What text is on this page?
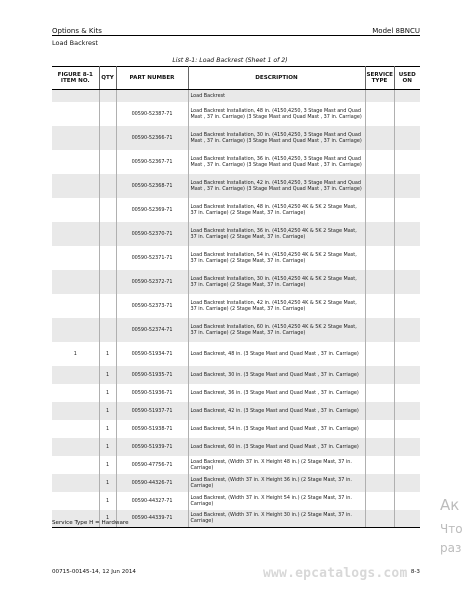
Options & Kits	Model 8BNCU
Load Backrest
List 8-1: Load Backrest (Sheet 1 of 2)
FIGURE 8-1 ITEM NO.	QTY	PART NUMBER	DESCRIPTION	SERVICE TYPE	USED ON
			Load Backrest		
		00590-52387-71	Load Backrest Installation, 48 in. (4150,4250, 3 Stage Mast and Quad Mast , 37 in. Carriage) (3 Stage Mast and Quad Mast , 37 in. Carriage)		
		00590-52366-71	Load Backrest Installation, 30 in. (4150,4250, 3 Stage Mast and Quad Mast , 37 in. Carriage) (3 Stage Mast and Quad Mast , 37 in. Carriage)		
		00590-52367-71	Load Backrest Installation, 36 in. (4150,4250, 3 Stage Mast and Quad Mast , 37 in. Carriage) (3 Stage Mast and Quad Mast , 37 in. Carriage)		
		00590-52368-71	Load Backrest Installation, 42 in. (4150,4250, 3 Stage Mast and Quad Mast , 37 in. Carriage) (3 Stage Mast and Quad Mast , 37 in. Carriage)		
		00590-52369-71	Load Backrest Installation, 48 in. (4150,4250 4K & 5K 2 Stage Mast, 37 in. Carriage) (2 Stage Mast, 37 in. Carriage)		
		00590-52370-71	Load Backrest Installation, 36 in. (4150,4250 4K & 5K 2 Stage Mast, 37 in. Carriage) (2 Stage Mast, 37 in. Carriage)		
		00590-52371-71	Load Backrest Installation, 54 in. (4150,4250 4K & 5K 2 Stage Mast, 37 in. Carriage) (2 Stage Mast, 37 in. Carriage)		
		00590-52372-71	Load Backrest Installation, 30 in. (4150,4250 4K & 5K 2 Stage Mast, 37 in. Carriage) (2 Stage Mast, 37 in. Carriage)		
		00590-52373-71	Load Backrest Installation, 42 in. (4150,4250 4K & 5K 2 Stage Mast, 37 in. Carriage) (2 Stage Mast, 37 in. Carriage)		
		00590-52374-71	Load Backrest Installation, 60 in. (4150,4250 4K & 5K 2 Stage Mast, 37 in. Carriage) (2 Stage Mast, 37 in. Carriage)		
1	1	00590-51934-71	Load Backrest, 48 in. (3 Stage Mast and Quad Mast , 37 in. Carriage)		
	1	00590-51935-71	Load Backrest, 30 in. (3 Stage Mast and Quad Mast , 37 in. Carriage)		
	1	00590-51936-71	Load Backrest, 36 in. (3 Stage Mast and Quad Mast , 37 in. Carriage)		
	1	00590-51937-71	Load Backrest, 42 in. (3 Stage Mast and Quad Mast , 37 in. Carriage)		
	1	00590-51938-71	Load Backrest, 54 in. (3 Stage Mast and Quad Mast , 37 in. Carriage)		
	1	00590-51939-71	Load Backrest, 60 in. (3 Stage Mast and Quad Mast , 37 in. Carriage)		
	1	00590-47756-71	Load Backrest, (Width 37 in. X Height 48 in.) (2 Stage Mast, 37 in. Carriage)		
	1	00590-44326-71	Load Backrest, (Width 37 in. X Height 36 in.) (2 Stage Mast, 37 in. Carriage)		
	1	00590-44327-71	Load Backrest, (Width 37 in. X Height 54 in.) (2 Stage Mast, 37 in. Carriage)		
	1	00590-44339-71	Load Backrest, (Width 37 in. X Height 30 in.) (2 Stage Mast, 37 in. Carriage)		
Service Type H = Hardware
00715-00145-14, 12 Jun 2014	8-3
www.epcatalogs.com
Ак
Что
раз
